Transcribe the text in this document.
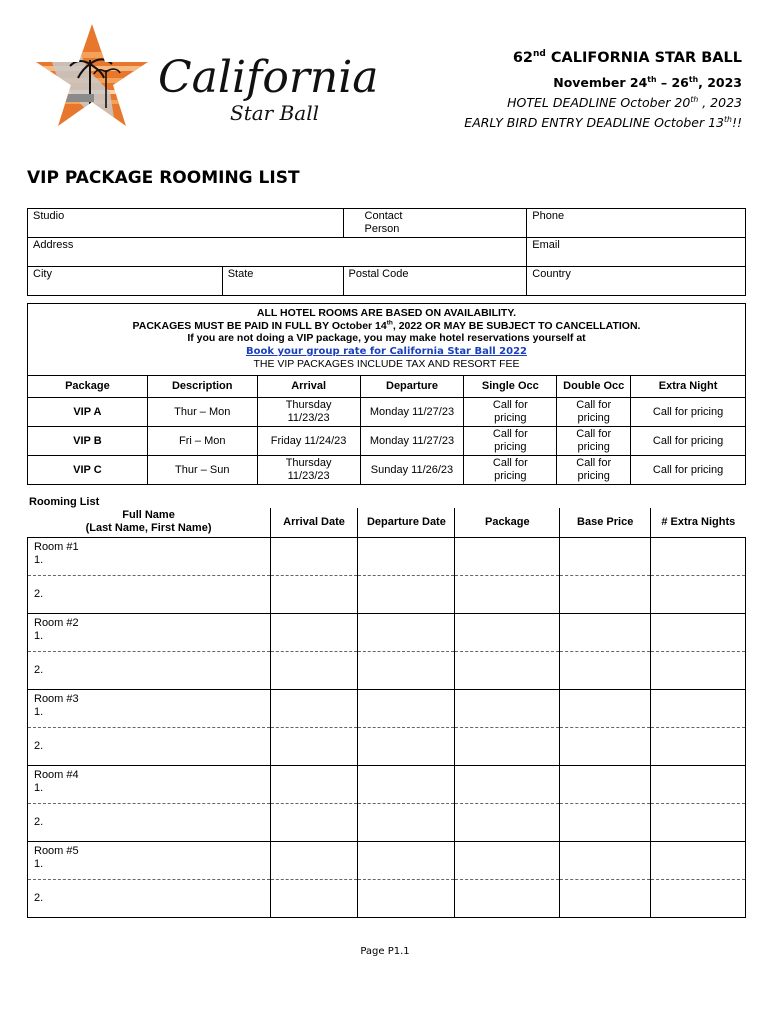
California
Star Ball
62nd CALIFORNIA STAR BALL
November 24th – 26th, 2023
HOTEL DEADLINE October 20th , 2023
EARLY BIRD ENTRY DEADLINE October 13th!!
VIP PACKAGE ROOMING LIST
Studio			Contact
Person	Phone
Address				Email
City		State	Postal Code	Country
ALL HOTEL ROOMS ARE BASED ON AVAILABILITY.
PACKAGES MUST BE PAID IN FULL BY October 14th, 2022 OR MAY BE SUBJECT TO CANCELLATION.
If you are not doing a VIP package, you may make hotel reservations yourself at
Book your group rate for California Star Ball 2022
THE VIP PACKAGES INCLUDE TAX AND RESORT FEE
Package	Description	Arrival	Departure	Single Occ	Double Occ	Extra Night
VIP A	Thur – Mon	Thursday
11/23/23	Monday 11/27/23	Call for
pricing	Call for
pricing	Call for pricing
VIP B	Fri – Mon	Friday 11/24/23	Monday 11/27/23	Call for
pricing	Call for
pricing	Call for pricing
VIP C	Thur – Sun	Thursday
11/23/23	Sunday 11/26/23	Call for
pricing	Call for
pricing	Call for pricing
Rooming List
Full Name
(Last Name, First Name)	Arrival Date	Departure Date	Package	Base Price	# Extra Nights
Room #1
1.					
2.					
Room #2
1.					
2.					
Room #3
1.					
2.					
Room #4
1.					
2.					
Room #5
1.					
2.					
Page P1.1
